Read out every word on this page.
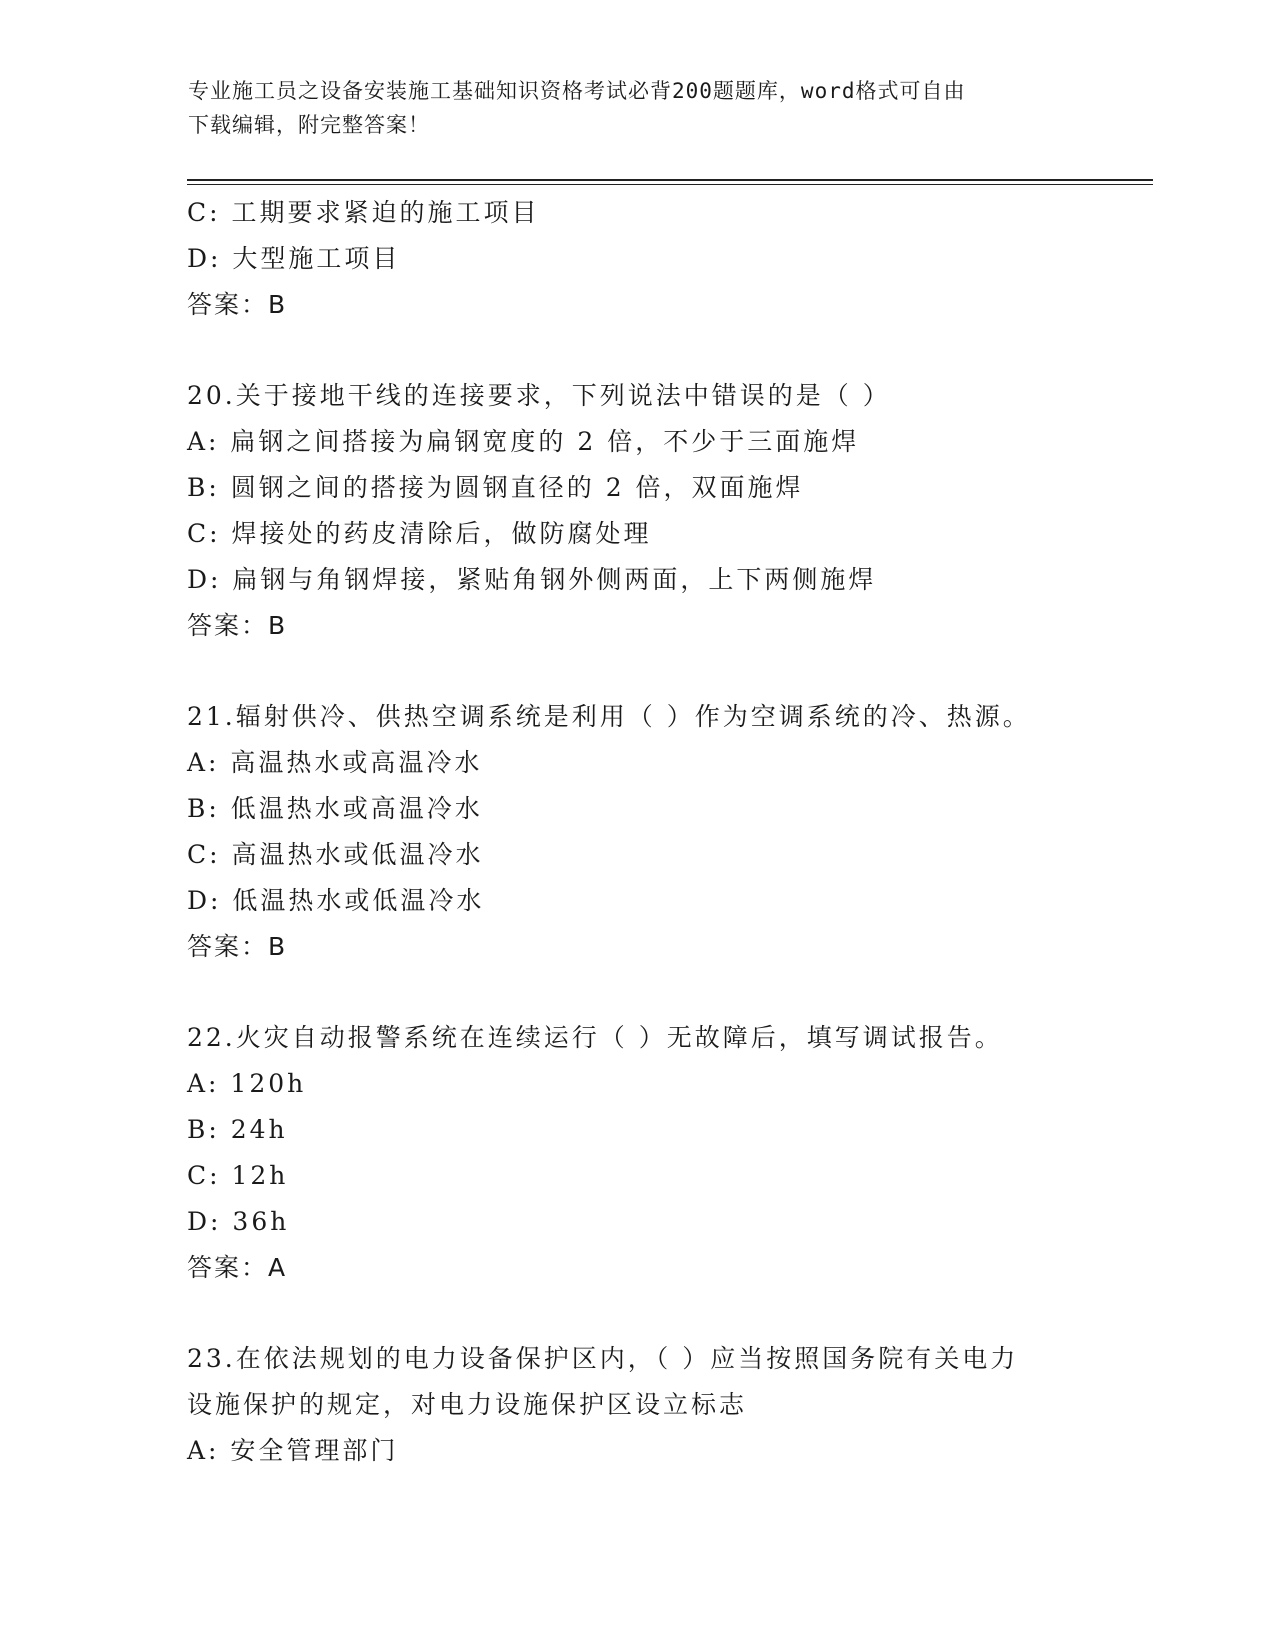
专业施工员之设备安装施工基础知识资格考试必背200题题库，word格式可自由
下载编辑，附完整答案！
C: 工期要求紧迫的施工项目
D: 大型施工项目
答案：B
20.关于接地干线的连接要求，下列说法中错误的是（ ）
A: 扁钢之间搭接为扁钢宽度的 2 倍，不少于三面施焊
B: 圆钢之间的搭接为圆钢直径的 2 倍，双面施焊
C: 焊接处的药皮清除后，做防腐处理
D: 扁钢与角钢焊接，紧贴角钢外侧两面，上下两侧施焊
答案：B
21.辐射供冷、供热空调系统是利用（ ）作为空调系统的冷、热源。
A: 高温热水或高温冷水
B: 低温热水或高温冷水
C: 高温热水或低温冷水
D: 低温热水或低温冷水
答案：B
22.火灾自动报警系统在连续运行（ ）无故障后，填写调试报告。
A: 120h
B: 24h
C: 12h
D: 36h
答案：A
23.在依法规划的电力设备保护区内，（ ）应当按照国务院有关电力
设施保护的规定，对电力设施保护区设立标志
A: 安全管理部门
